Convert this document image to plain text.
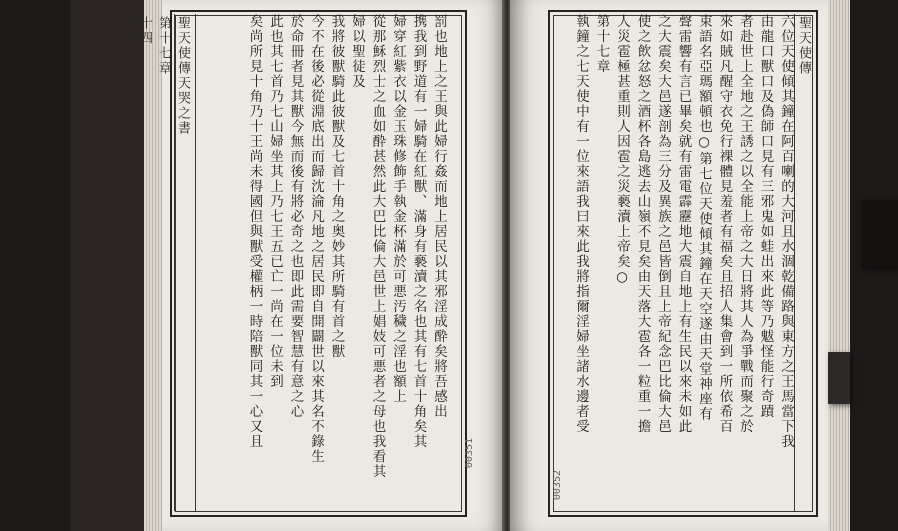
聖天使傳天哭之書
第十七章
十四	罰也地上之王與此婦行姦而地上居民以其邪淫成酔矣將吾感出
携我到野道有一婦騎在紅獸、滿身有褻瀆之名也其有七首十角矣其
婦穿紅紫衣以金玉珠修飾手執金杯滿於可悪汚穢之淫也額上
從那穌烈士之血如酔甚然此大巴比倫大邑世上娼妓可悪者之母也我看其婦以聖徒及
我將彼獸騎此彼獸及七首十角之奥妙其所騎有首之獸
今不在後必從淵底出而歸沈淪凡地之居民即自開闢世以來其名不錄生
於命冊者見其獸今無而後有將必奇之也即此需要智慧有意之心
此也其七首乃七山婦坐其上乃七王五已亡一尚在一位未到
矣尚所見十角乃十王尚未得國但與獸受權柄一時陪獸同其一心又且
00351
聖天使傳
六位天使傾其鐘在阿百喇的大河且水涸乾備路與東方之王馬當下我
由龍口獸口及偽師口見有三邪鬼如蛙出來此等乃魃怪能行奇蹟
者赴世上全地之王誘之以全能上帝之大日將其人為爭戰而聚之於
來如賊凡醒守衣免行裸體見羞者有福矣且招人集會到一所依希百
束語名亞瑪額頓也○第七位天使傾其鐘在天空遂由天堂神座有
聲雷響有言已畢矣就有雷電霹靂地大震自地上有生民以來未如此
之大震矣大邑遂剖為三分及異族之邑皆倒且上帝紀念巴比倫大邑
使之飲忿怒之酒杯各島逃去山嶺不見矣由天落大雹各一粒重一擔
人災雹極甚重則人因雹之災褻瀆上帝矣○
第十七章
執鐘之七天使中有一位來語我曰來此我將指爾淫婦坐諸水邊者受
00352
